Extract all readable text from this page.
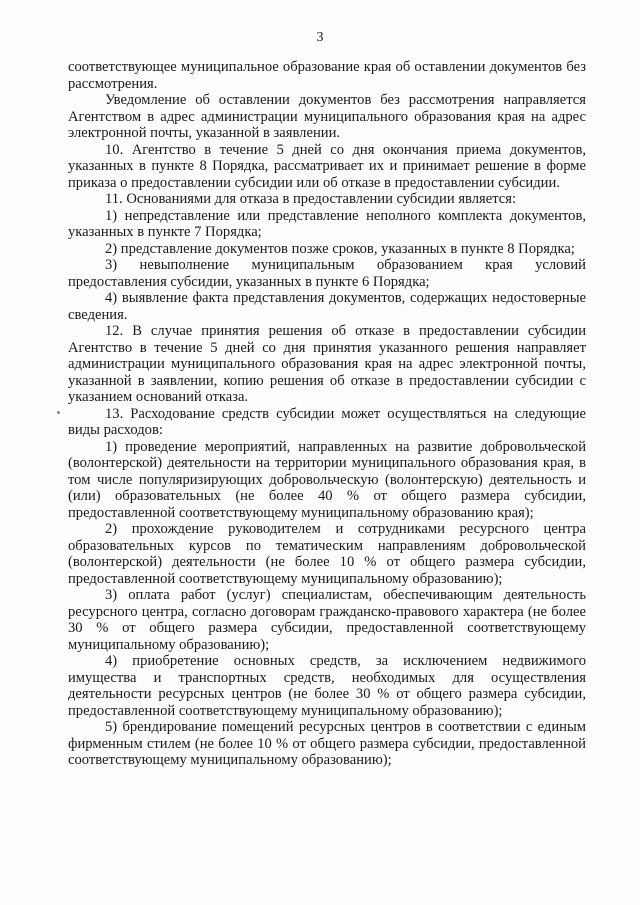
3

соответствующее муниципальное образование края об оставлении документов без рассмотрения.

Уведомление об оставлении документов без рассмотрения направляется Агентством в адрес администрации муниципального образования края на адрес электронной почты, указанной в заявлении.

10. Агентство в течение 5 дней со дня окончания приема документов, указанных в пункте 8 Порядка, рассматривает их и принимает решение в форме приказа о предоставлении субсидии или об отказе в предоставлении субсидии.

11. Основаниями для отказа в предоставлении субсидии является:

1) непредставление или представление неполного комплекта документов, указанных в пункте 7 Порядка;

2) представление документов позже сроков, указанных в пункте 8 Порядка;

3) невыполнение муниципальным образованием края условий предоставления субсидии, указанных в пункте 6 Порядка;

4) выявление факта представления документов, содержащих недостоверные сведения.

12. В случае принятия решения об отказе в предоставлении субсидии Агентство в течение 5 дней со дня принятия указанного решения направляет администрации муниципального образования края на адрес электронной почты, указанной в заявлении, копию решения об отказе в предоставлении субсидии с указанием оснований отказа.

13. Расходование средств субсидии может осуществляться на следующие виды расходов:

1) проведение мероприятий, направленных на развитие добровольческой (волонтерской) деятельности на территории муниципального образования края, в том числе популяризирующих добровольческую (волонтерскую) деятельность и (или) образовательных (не более 40 % от общего размера субсидии, предоставленной соответствующему муниципальному образованию края);

2) прохождение руководителем и сотрудниками ресурсного центра образовательных курсов по тематическим направлениям добровольческой (волонтерской) деятельности (не более 10 % от общего размера субсидии, предоставленной соответствующему муниципальному образованию);

3) оплата работ (услуг) специалистам, обеспечивающим деятельность ресурсного центра, согласно договорам гражданско-правового характера (не более 30 % от общего размера субсидии, предоставленной соответствующему муниципальному образованию);

4) приобретение основных средств, за исключением недвижимого имущества и транспортных средств, необходимых для осуществления деятельности ресурсных центров (не более 30 % от общего размера субсидии, предоставленной соответствующему муниципальному образованию);

5) брендирование помещений ресурсных центров в соответствии с единым фирменным стилем (не более 10 % от общего размера субсидии, предоставленной соответствующему муниципальному образованию);
